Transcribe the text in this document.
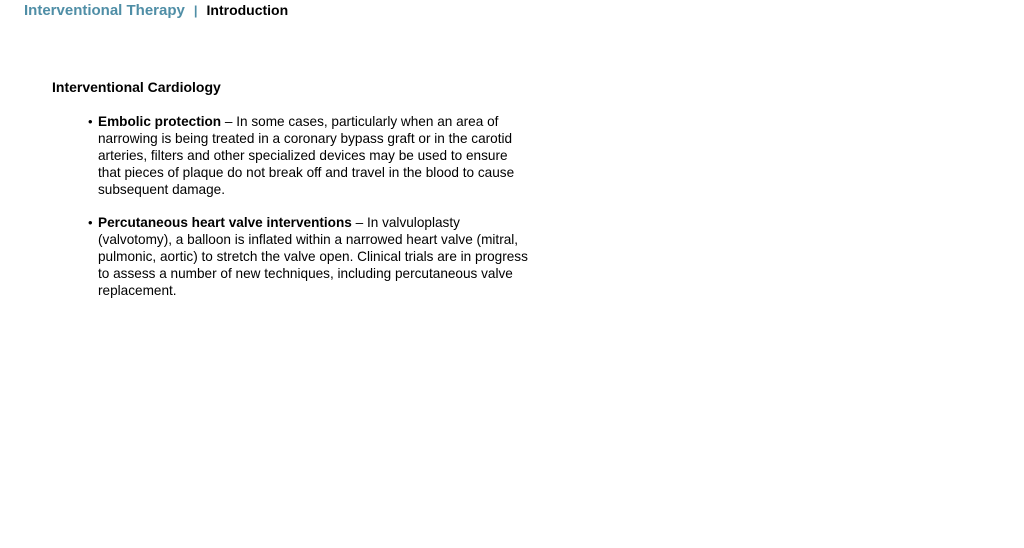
Interventional Therapy | Introduction
Interventional Cardiology
• Embolic protection – In some cases, particularly when an area of narrowing is being treated in a coronary bypass graft or in the carotid arteries, filters and other specialized devices may be used to ensure that pieces of plaque do not break off and travel in the blood to cause subsequent damage.
• Percutaneous heart valve interventions – In valvuloplasty (valvotomy), a balloon is inflated within a narrowed heart valve (mitral, pulmonic, aortic) to stretch the valve open. Clinical trials are in progress to assess a number of new techniques, including percutaneous valve replacement.
